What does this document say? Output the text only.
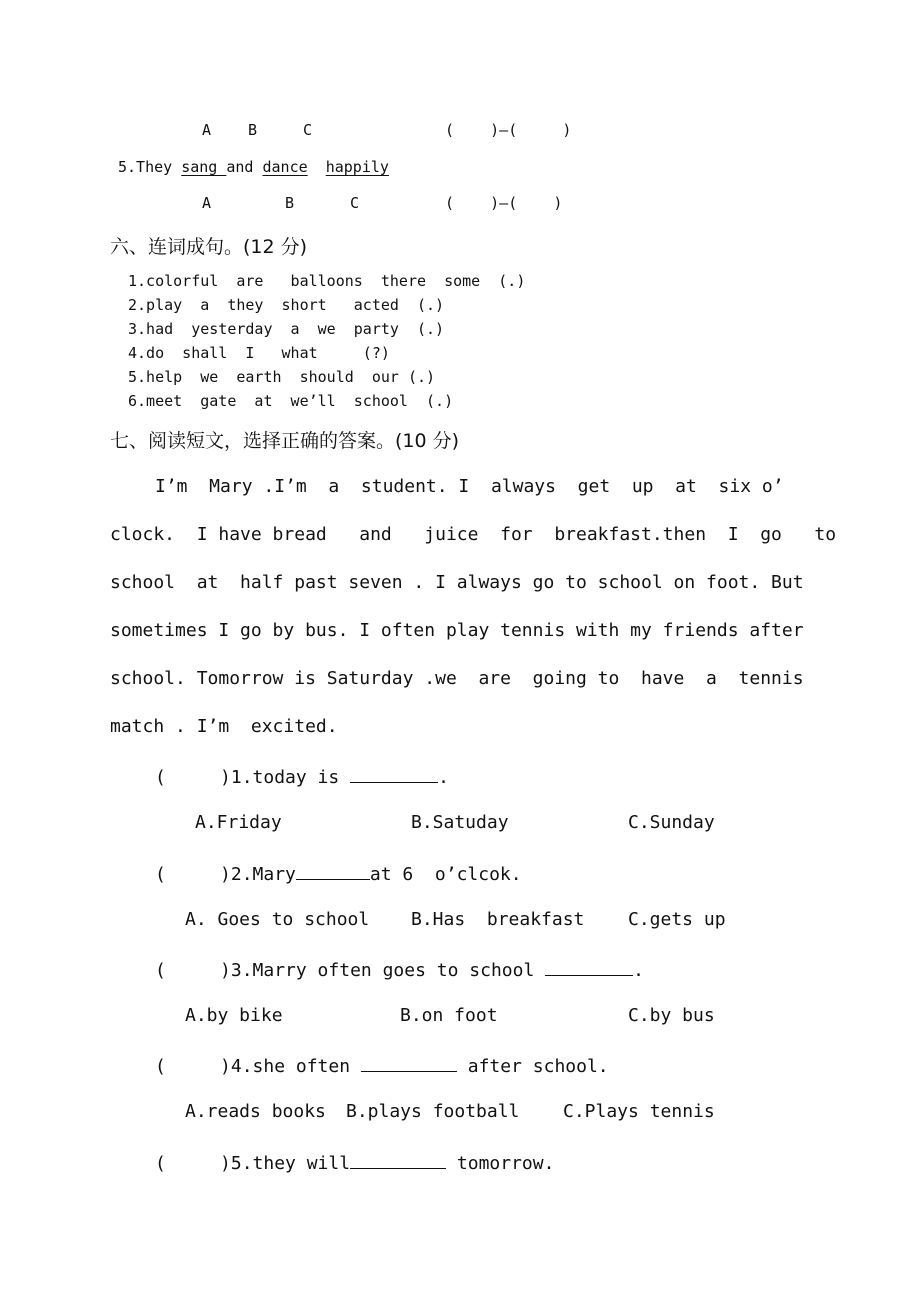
A B	C	(    )—(     )
5.They sang and dance happily
A	B	C	(    )—(    )
六、连词成句。(12 分)
1.colorful  are   balloons  there  some  (.)
2.play  a  they  short   acted  (.)
3.had  yesterday  a  we  party  (.)
4.do  shall  I   what     (?)
5.help  we  earth  should  our (.)
6.meet  gate  at  we’ll  school  (.)
七、阅读短文，选择正确的答案。(10 分)
I’m  Mary .I’m  a  student. I  always  get  up  at  six o’
clock.  I have bread   and   juice  for  breakfast.then  I  go   to
school  at  half past seven . I always go to school on foot. But
sometimes I go by bus. I often play tennis with my friends after
school. Tomorrow is Saturday .we  are  going to  have  a  tennis
match . I’m  excited.
(     )1.today is	.
A.Friday	B.Satuday	C.Sunday
(     )2.Mary	at 6  o’clcok.
A. Goes to school B.Has  breakfast C.gets up
(     )3.Marry often goes to school	.
A.by bike	B.on foot	C.by bus
(     )4.she often	after school.
A.reads books B.plays football C.Plays tennis
(     )5.they will	tomorrow.
